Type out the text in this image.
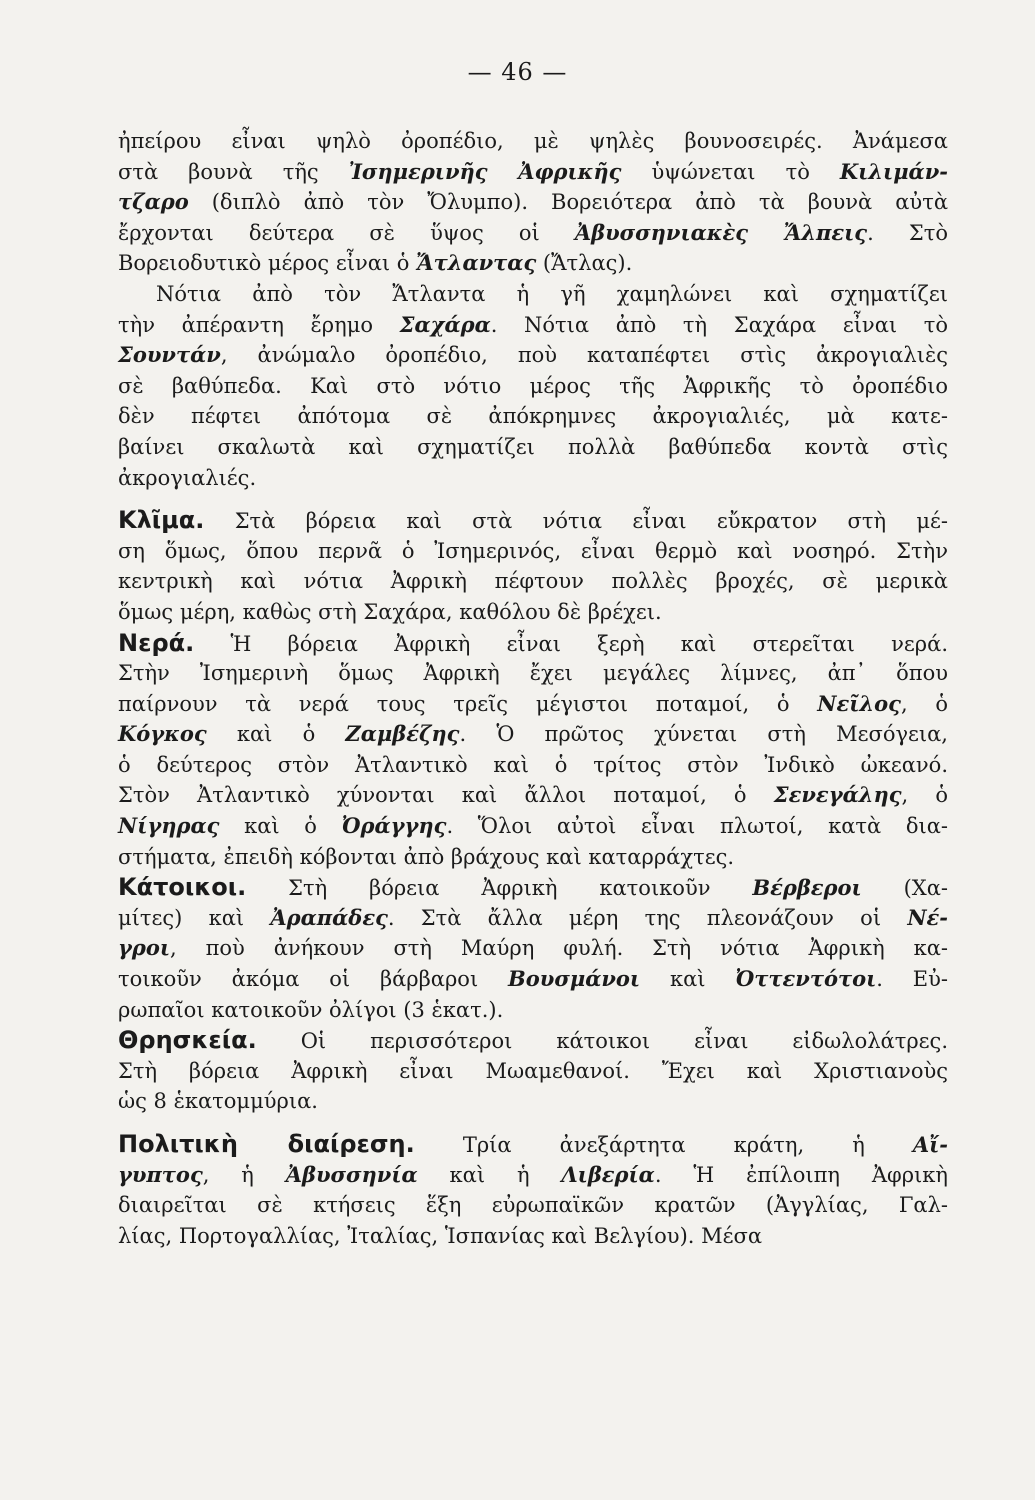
— 46 —
ἠπείρου εἶναι ψηλὸ ὀροπέδιο, μὲ ψηλὲς βουνοσειρές. Ἀνάμεσα
στὰ βουνὰ τῆς Ἰσημερινῆς Ἀφρικῆς ὑψώνεται τὸ Κιλιμάν-
τζαρο (διπλὸ ἀπὸ τὸν Ὄλυμπο). Βορειότερα ἀπὸ τὰ βουνὰ αὐτὰ
ἔρχονται δεύτερα σὲ ὕψος οἱ Ἀβυσσηνιακὲς Ἄλπεις. Στὸ
Βορειοδυτικὸ μέρος εἶναι ὁ Ἄτλαντας (Ἄτλας).
Νότια ἀπὸ τὸν Ἄτλαντα ἡ γῆ χαμηλώνει καὶ σχηματίζει
τὴν ἀπέραντη ἔρημο Σαχάρα. Νότια ἀπὸ τὴ Σαχάρα εἶναι τὸ
Σουντάν, ἀνώμαλο ὀροπέδιο, ποὺ καταπέφτει στὶς ἀκρογιαλιὲς
σὲ βαθύπεδα. Καὶ στὸ νότιο μέρος τῆς Ἀφρικῆς τὸ ὀροπέδιο
δὲν πέφτει ἀπότομα σὲ ἀπόκρημνες ἀκρογιαλιές, μὰ κατε-
βαίνει σκαλωτὰ καὶ σχηματίζει πολλὰ βαθύπεδα κοντὰ στὶς
ἀκρογιαλιές.
Κλῖμα. Στὰ βόρεια καὶ στὰ νότια εἶναι εὔκρατον στὴ μέ-
ση ὅμως, ὅπου περνᾶ ὁ Ἰσημερινός, εἶναι θερμὸ καὶ νοσηρό. Στὴν
κεντρικὴ καὶ νότια Ἀφρικὴ πέφτουν πολλὲς βροχές, σὲ μερικὰ
ὅμως μέρη, καθὼς στὴ Σαχάρα, καθόλου δὲ βρέχει.
Νερά. Ἡ βόρεια Ἀφρικὴ εἶναι ξερὴ καὶ στερεῖται νερά.
Στὴν Ἰσημερινὴ ὅμως Ἀφρικὴ ἔχει μεγάλες λίμνες, ἀπ᾿ ὅπου
παίρνουν τὰ νερά τους τρεῖς μέγιστοι ποταμοί, ὁ Νεῖλος, ὁ
Κόγκος καὶ ὁ Ζαμβέζης. Ὁ πρῶτος χύνεται στὴ Μεσόγεια,
ὁ δεύτερος στὸν Ἀτλαντικὸ καὶ ὁ τρίτος στὸν Ἰνδικὸ ὠκεανό.
Στὸν Ἀτλαντικὸ χύνονται καὶ ἄλλοι ποταμοί, ὁ Σενεγάλης, ὁ
Νίγηρας καὶ ὁ Ὀράγγης. Ὅλοι αὐτοὶ εἶναι πλωτοί, κατὰ δια-
στήματα, ἐπειδὴ κόβονται ἀπὸ βράχους καὶ καταρράχτες.
Κάτοικοι. Στὴ βόρεια Ἀφρικὴ κατοικοῦν Βέρβεροι (Χα-
μίτες) καὶ Ἀραπάδες. Στὰ ἄλλα μέρη της πλεονάζουν οἱ Νέ-
γροι, ποὺ ἀνήκουν στὴ Μαύρη φυλή. Στὴ νότια Ἀφρικὴ κα-
τοικοῦν ἀκόμα οἱ βάρβαροι Βουσμάνοι καὶ Ὀττεντότοι. Εὐ-
ρωπαῖοι κατοικοῦν ὀλίγοι (3 ἑκατ.).
Θρησκεία. Οἱ περισσότεροι κάτοικοι εἶναι εἰδωλολάτρες.
Στὴ βόρεια Ἀφρικὴ εἶναι Μωαμεθανοί. Ἔχει καὶ Χριστιανοὺς
ὡς 8 ἑκατομμύρια.
Πολιτικὴ διαίρεση. Τρία ἀνεξάρτητα κράτη, ἡ Αἴ-
γυπτος, ἡ Ἀβυσσηνία καὶ ἡ Λιβερία. Ἡ ἐπίλοιπη Ἀφρικὴ
διαιρεῖται σὲ κτήσεις ἕξη εὐρωπαϊκῶν κρατῶν (Ἀγγλίας, Γαλ-
λίας, Πορτογαλλίας, Ἰταλίας, Ἱσπανίας καὶ Βελγίου). Μέσα
